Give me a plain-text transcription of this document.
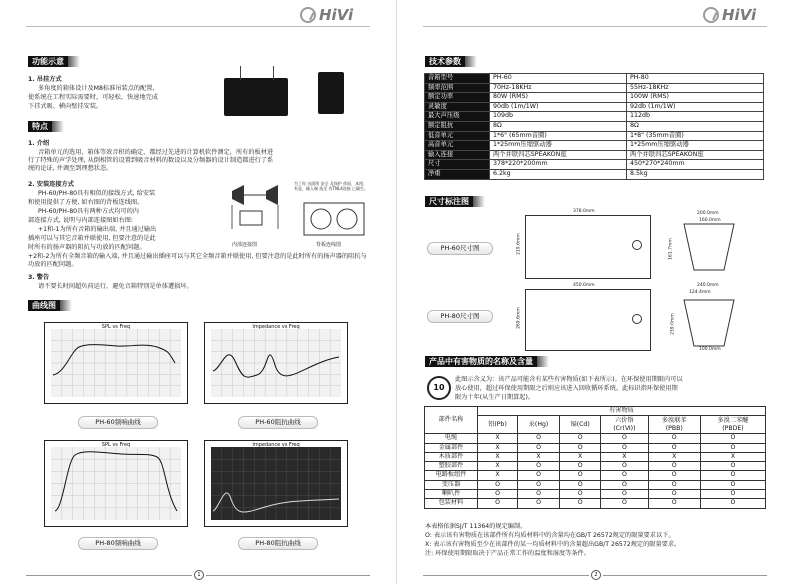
HiVi
功能示意
1. 吊挂方式
多角度的箱体设计及M8标准吊装点的配置,
使系统在工程实际需要时，可轻松、快速地完成
下挂式吸、横向壁挂安装。
特点
1. 介绍
音箱单元的选用、箱体等效音积的确定，都经过先进的计算机软件测定，所有的板材进
行了特殊的声学处理, 从倒相管的设置到吸音材料的数设以及分频器的设计制造都进行了系
统的论证, 并调至到理想状态。
2. 安装连接方式
PH-60/PH-80具有相似的接线方式, 给安装
和使用提供了方便, 如右图的背板连线图。
PH-60/PH-80具有两种方式均可的内
部连接方式, 说明与内部连接图如右图:
+1和-1为所有音箱的输出端, 并且通过输出
插座可以与其它音箱并联使用, 但要注意的是此
时所有的扬声器的阻抗与功放的匹配问题。
+2和-2为所有全频音箱的输入端, 并且通过输出插座可以与其它全频音箱并联使用, 但要注意的是此时所有的扬声器的阻抗与功放的匹配问题。
为了你 这面图 安全 及保护 你原，本图，有意，输入端 选至 有TNL4连接 已确生。
内部连接图	背板连线图
3. 警告
请不要长时间超负荷运行，避免音箱特别是单体遭损坏。
曲线图
SPL vs Freq	Impedance vs Freq
PH-60频响曲线	PH-60阻抗曲线
SPL vs Freq	Impedance vs Freq
PH-80频响曲线	PH-80阻抗曲线
1
HiVi
技术参数
音箱型号	PH-60	PH-80
频率范围	70Hz-18KHz	55Hz-18KHz
额定功率	80W (RMS)	100W (RMS)
灵敏度	90db (1m/1W)	92db (1m/1W)
最大声压级	109db	112db
额定阻抗	8Ω	8Ω
低音单元	1*6" (65mm音圈)	1*8" (35mm音圈)
高音单元	1*25mm压缩驱动器	1*25mm压缩驱动器
输入连接	两个并联四芯SPEAKON座	两个并联四芯SPEAKON座
尺寸	378*220*200mm	450*270*240mm
净重	6.2kg	8.5kg
尺寸标注图
378.0mm
219.6mm
200.0mm
160.0mm
161.7mm
PH-60尺寸图
450.0mm
269.6mm
240.0mm
124.4mm
239.0mm
100.0mm
PH-80尺寸图
产品中有害物质的名称及含量
10
此图示含义为：该产品可能含有某些有害物质(如下表所示)。在环保使用期限内可以
放心使用，超过环保使用期限之后则应该进入回收循环系统。此标识指环保使用期
限为十年(从生产日期算起)。
部件名称	有害物质					
	铅(Pb)	汞(Hg)	镉(Cd)	六价铬
(Cr(Ⅵ))	多溴联苯
(PBB)	多溴二苯醚
(PBDE)
电缆	X	O	O	O	O	O
金属部件	X	O	O	O	O	O
木质部件	X	X	X	X	X	X
塑胶部件	X	O	O	O	O	O
电路板组件	X	O	O	O	O	O
变压器	O	O	O	O	O	O
喇叭件	O	O	O	O	O	O
包装材料	O	O	O	O	O	O
本表格依据SJ/T 11364的规定编制。
O: 表示该有害物质在该部件所有均质材料中的含量均在GB/T 26572规定的限量要求以下。
X: 表示该有害物质至少在该部件的某一均质材料中的含量超出GB/T 26572规定的限量要求。
注: 环保使用期限取决于产品正常工作的温度和湿度等条件。
2
